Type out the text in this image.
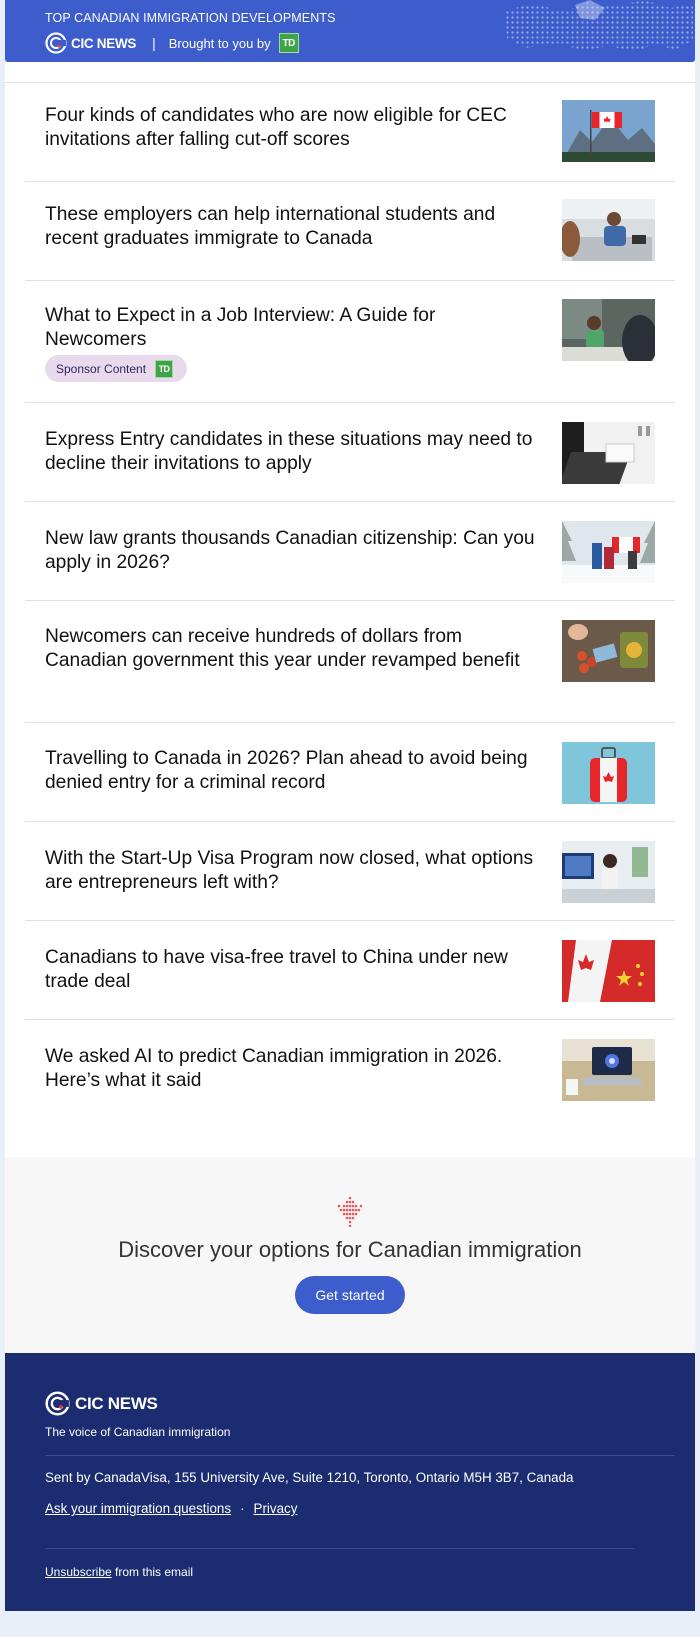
TOP CANADIAN IMMIGRATION DEVELOPMENTS
CIC NEWS | Brought to you by	TD
Four kinds of candidates who are now eligible for CEC invitations after falling cut-off scores
These employers can help international students and recent graduates immigrate to Canada
What to Expect in a Job Interview: A Guide for Newcomers
Sponsor Content	TD
Express Entry candidates in these situations may need to decline their invitations to apply
New law grants thousands Canadian citizenship: Can you apply in 2026?
Newcomers can receive hundreds of dollars from Canadian government this year under revamped benefit
Travelling to Canada in 2026? Plan ahead to avoid being denied entry for a criminal record
With the Start-Up Visa Program now closed, what options are entrepreneurs left with?
Canadians to have visa-free travel to China under new trade deal
We asked AI to predict Canadian immigration in 2026. Here’s what it said
Discover your options for Canadian immigration
Get started
CIC NEWS
The voice of Canadian immigration
Sent by CanadaVisa, 155 University Ave, Suite 1210, Toronto, Ontario M5H 3B7, Canada
Ask your immigration questions · Privacy
Unsubscribe from this email
